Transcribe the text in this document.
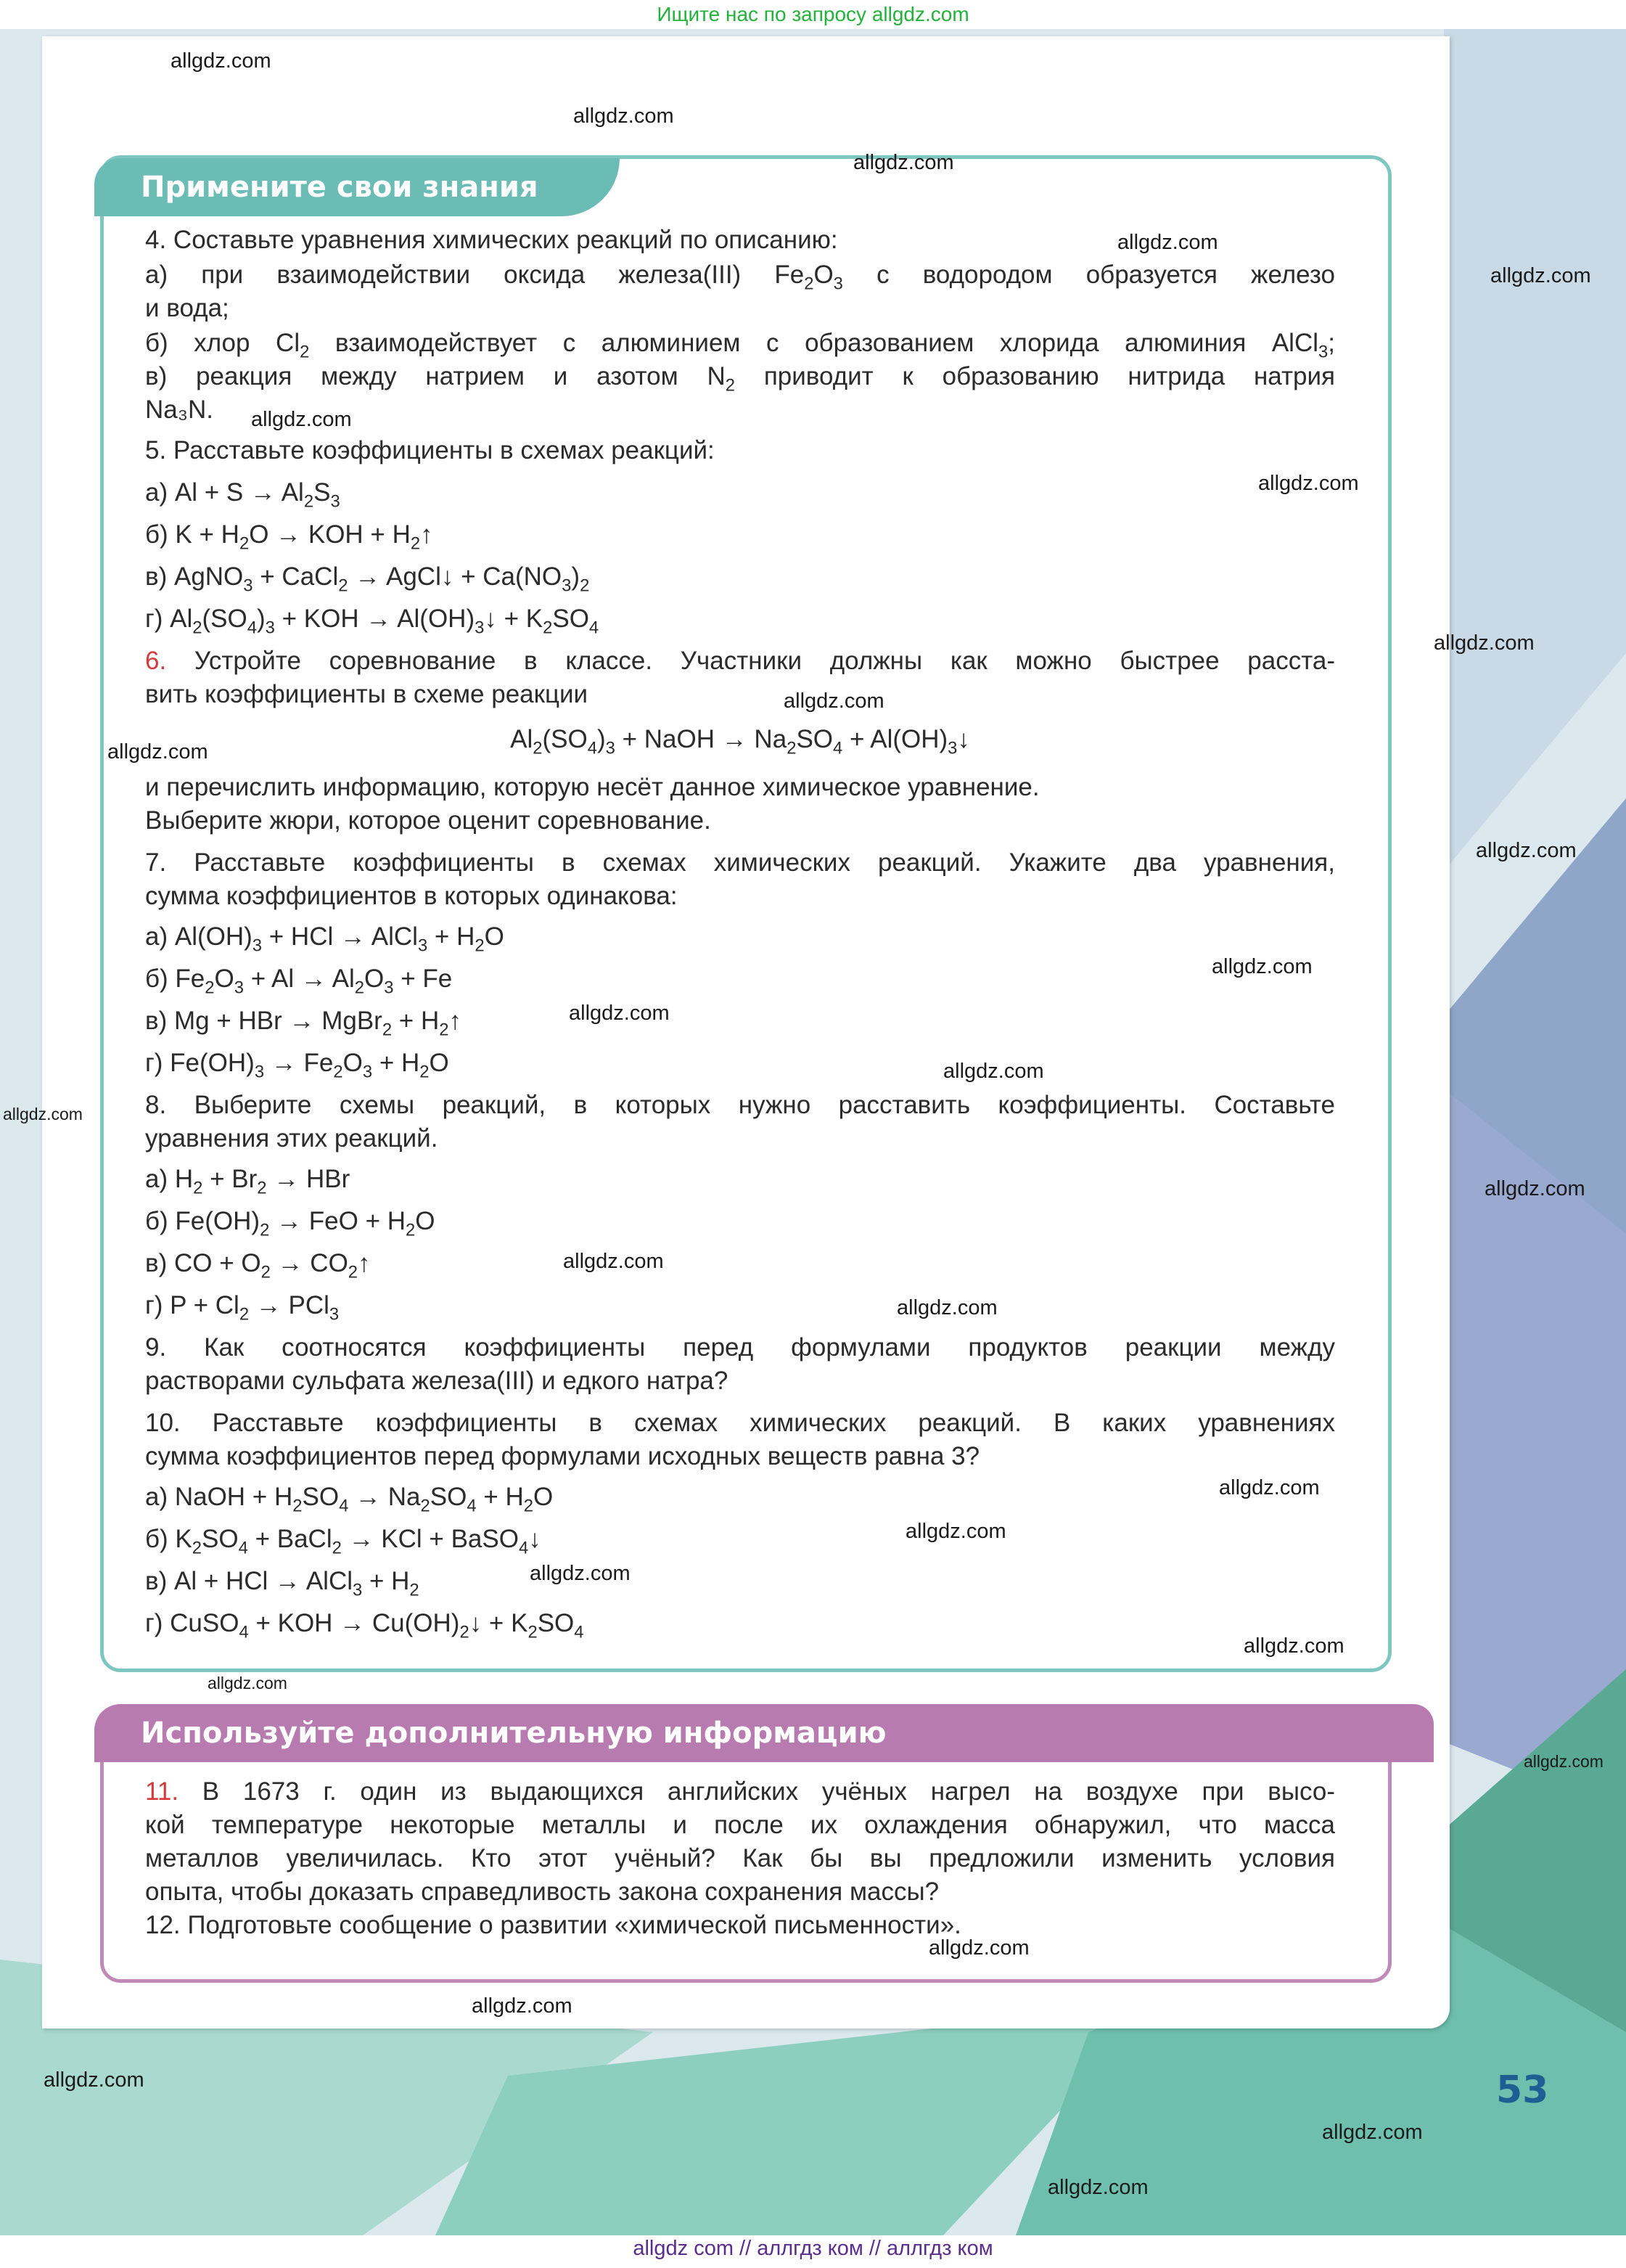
Ищите нас по запросу allgdz.com
Примените свои знания
Используйте дополнительную информацию
4. Составьте уравнения химических реакций по описанию:
а) при взаимодействии оксида железа(III) $Fe_2O_3$ с водородом образуется железо
и вода;
б) хлор $Cl_2$ взаимодействует с алюминием с образованием хлорида алюминия AlCl$_3$;
в) реакция между натрием и азотом $N_2$ приводит к образованию нитрида натрия
Na₃N.
5. Расставьте коэффициенты в схемах реакций:
а) $Al + S \to Al_2S_3$
б) $K + H_2O$ → KOH + $H_2↑$
в) AgNO$_3$ + CaCl$_2$ → AgCl↓ + $Ca(NO_3)_2$
г) $Al_2(SO_4)_3$ + KOH → $Al(OH)_3↓ + K_2SO_4$
6. Устройте соревнование в классе. Участники должны как можно быстрее расста-
вить коэффициенты в схеме реакции
$Al_2(SO_4)_3$ + NaOH → $Na_2SO_4$ + $Al(OH)_3↓$
и перечислить информацию, которую несёт данное химическое уравнение.
Выберите жюри, которое оценит соревнование.
7. Расставьте коэффициенты в схемах химических реакций. Укажите два уравнения,
сумма коэффициентов в которых одинакова:
а) $Al(OH)_3$ + HCl → AlCl$_3$ + $H_2O$
б) $Fe_2O_3 + Al \to Al_2O_3 + Fe$
в) Mg + HBr → MgBr$_2$ + $H_2↑$
г) $Fe(OH)_3 \to Fe_2O_3 + H_2O$
8. Выберите схемы реакций, в которых нужно расставить коэффициенты. Составьте
уравнения этих реакций.
а) $H_2 + Br_2$ → HBr
б) $Fe(OH)_2$ → FeO + $H_2O$
в) CO + $O_2$ → $CO_2↑$
г) $P + Cl_2 \to PCl_3$
9. Как соотносятся коэффициенты перед формулами продуктов реакции между
растворами сульфата железа(III) и едкого натра?
10. Расставьте коэффициенты в схемах химических реакций. В каких уравнениях
сумма коэффициентов перед формулами исходных веществ равна 3?
а) NaOH + $H_2SO_4 \to Na_2SO_4 + H_2O$
б) $K_2SO_4$ + BaCl$_2$ → KCl + BaSO$_4$↓
в) Al + HCl → AlCl$_3$ + $H_2$
г) CuSO$_4$ + KOH → $Cu(OH)_2↓ + K_2SO_4$
11. В 1673 г. один из выдающихся английских учёных нагрел на воздухе при высо-
кой температуре некоторые металлы и после их охлаждения обнаружил, что масса
металлов увеличилась. Кто этот учёный? Как бы вы предложили изменить условия
опыта, чтобы доказать справедливость закона сохранения массы?
12. Подготовьте сообщение о развитии «химической письменности».
53
allgdz.com
allgdz.com
allgdz.com
allgdz.com
allgdz.com
allgdz.com
allgdz.com
allgdz.com
allgdz.com
allgdz.com
allgdz.com
allgdz.com
allgdz.com
allgdz.com
allgdz.com
allgdz.com
allgdz.com
allgdz.com
allgdz.com
allgdz.com
allgdz.com
allgdz.com
allgdz.com
allgdz.com
allgdz.com
allgdz.com
allgdz.com
allgdz.com
allgdz.com
allgdz com // аллгдз ком // аллгдз ком
